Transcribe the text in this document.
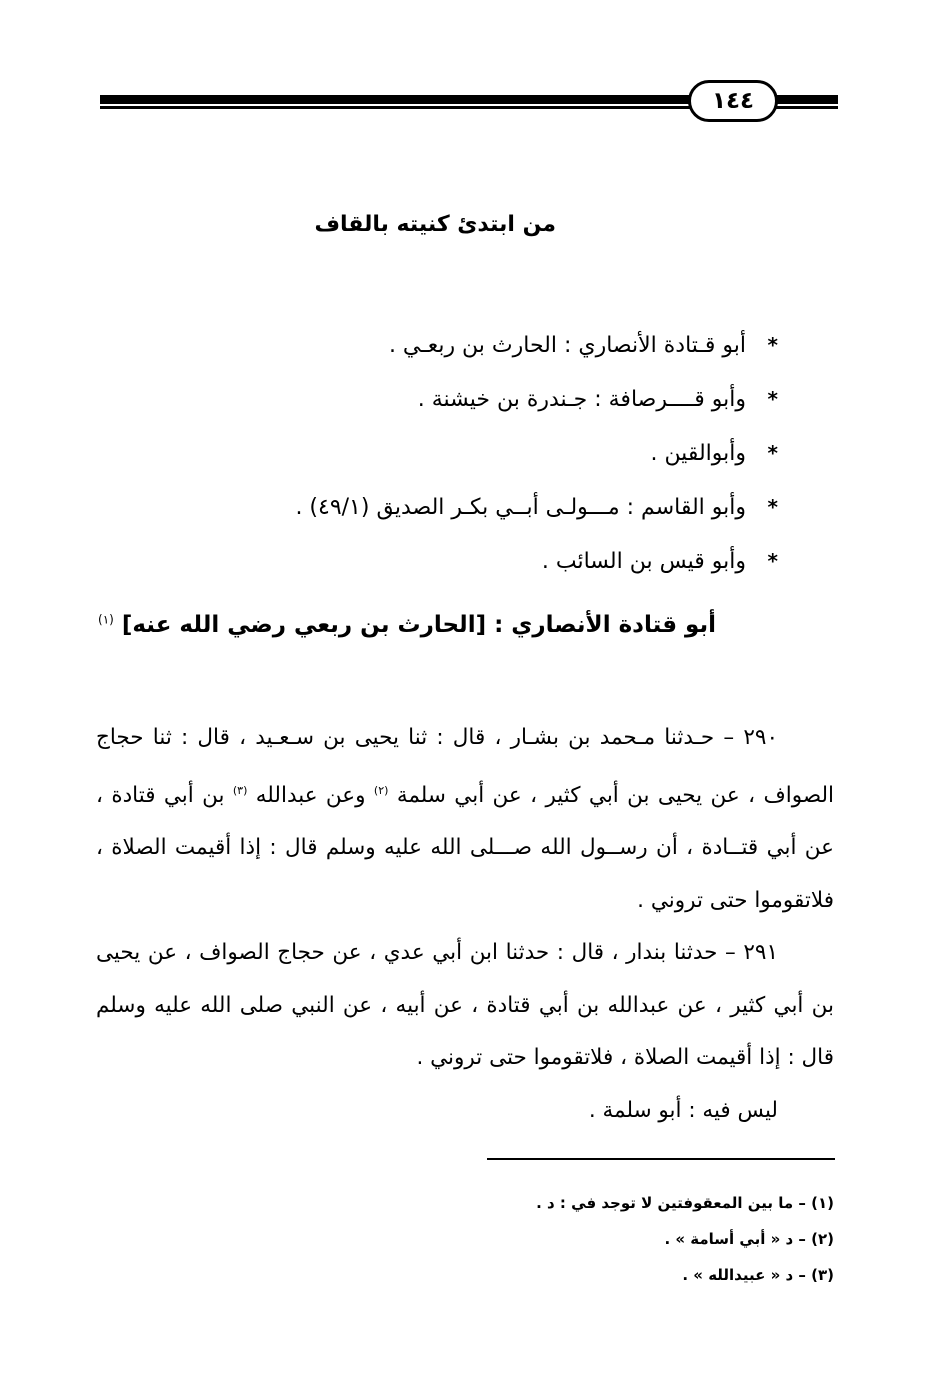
١٤٤
من ابتدئ كنيته بالقاف
*
أبو قـتادة الأنصاري : الحارث بن ربعـي .
*
وأبو قــــرصافة : جـندرة بن خيشنة .
*
وأبوالقين .
*
وأبو القاسم : مـــولـى أبــي بكـر الصديق (٤٩/١) .
*
وأبو قيس بن السائب .
أبو قتادة الأنصاري : [الحارث بن ربعي رضي الله عنه] $^{(١)}$

٢٩٠ – حـدثنا مـحمد بن بشـار ، قال : ثنا يحيى بن سـعـيد ، قال : ثنا حجاج الصواف ، عن يحيى بن أبي كثير ، عن أبي سلمة $^{(٢)}$ وعن عبدالله $^{(٣)}$ بن أبي قتادة ، عن أبي قتــادة ، أن رســول الله صـــلى الله عليه وسلم قال : إذا أقيمت الصلاة ، فلاتقوموا حتى تروني .

٢٩١ – حدثنا بندار ، قال : حدثنا ابن أبي عدي ، عن حجاج الصواف ، عن يحيى بن أبي كثير ، عن عبدالله بن أبي قتادة ، عن أبيه ، عن النبي صلى الله عليه وسلم قال : إذا أقيمت الصلاة ، فلاتقوموا حتى تروني .

ليس فيه : أبو سلمة .

(١) – ما بين المعقوفتين لا توجد في : د .
(٢) – د « أبي أسامة » .
(٣) – د « عبيدالله » .
